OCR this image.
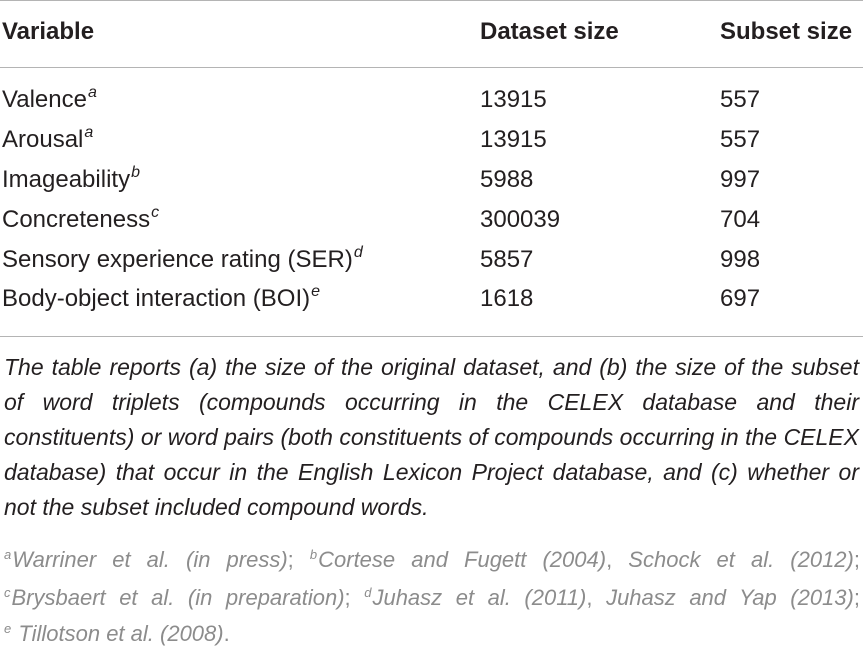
Variable	Dataset size	Subset size
Valence$^a$	13915	557
Arousal$^a$	13915	557
Imageability$^b$	5988	997
Concreteness$^c$	300039	704
Sensory experience rating (SER)$^d$	5857	998
Body-object interaction (BOI)$^e$	1618	697
The table reports (a) the size of the original dataset, and (b) the size of the subset of word triplets (compounds occurring in the CELEX database and their constituents) or word pairs (both constituents of compounds occurring in the CELEX database) that occur in the English Lexicon Project database, and (c) whether or not the subset included compound words.
$^a$Warriner et al. (in press); $^b$Cortese and Fugett (2004), Schock et al. (2012);
$^c$Brysbaert et al. (in preparation); $^d$Juhasz et al. (2011), Juhasz and Yap (2013);
$^e$ Tillotson et al. (2008).
